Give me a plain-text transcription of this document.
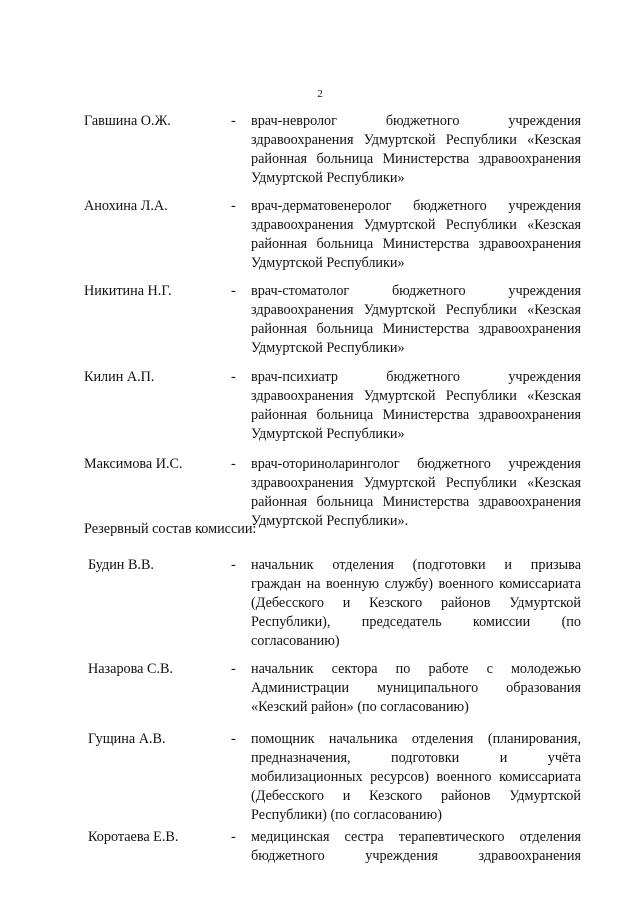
2
Гавшина О.Ж.	- врач-невролог бюджетного учреждения
здравоохранения Удмуртской Республики «Кезская
районная больница Министерства здравоохранения
Удмуртской Республики»
Анохина Л.А.	- врач-дерматовенеролог бюджетного учреждения
здравоохранения Удмуртской Республики «Кезская
районная больница Министерства здравоохранения
Удмуртской Республики»
Никитина Н.Г.	- врач-стоматолог бюджетного учреждения
здравоохранения Удмуртской Республики «Кезская
районная больница Министерства здравоохранения
Удмуртской Республики»
Килин А.П.	- врач-психиатр бюджетного учреждения
здравоохранения Удмуртской Республики «Кезская
районная больница Министерства здравоохранения
Удмуртской Республики»
Максимова И.С.	- врач-оториноларинголог бюджетного учреждения
здравоохранения Удмуртской Республики «Кезская
районная больница Министерства здравоохранения
Удмуртской Республики».
Резервный состав комиссии:
Будин В.В.	- начальник отделения (подготовки и призыва
граждан на военную службу) военного комиссариата
(Дебесского и Кезского районов Удмуртской
Республики), председатель комиссии (по
согласованию)
Назарова С.В.	- начальник сектора по работе с молодежью
Администрации муниципального образования
«Кезский район» (по согласованию)
Гущина А.В.	- помощник начальника отделения (планирования,
предназначения, подготовки и учёта
мобилизационных ресурсов) военного комиссариата
(Дебесского и Кезского районов Удмуртской
Республики) (по согласованию)
Коротаева Е.В.	- медицинская сестра терапевтического отделения
бюджетного учреждения здравоохранения
